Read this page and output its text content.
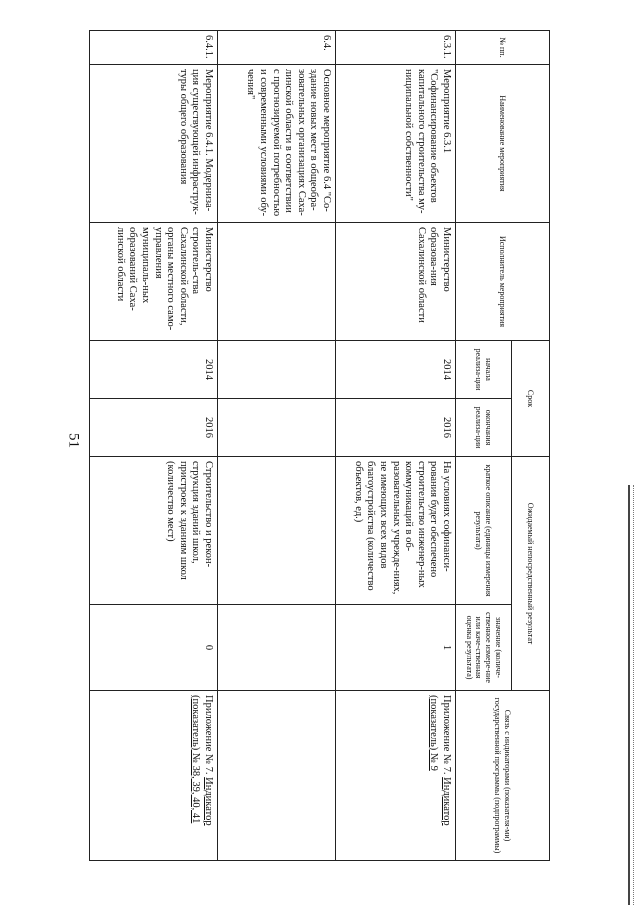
51
№ пп.	Наименование мероприятия	Исполнитель мероприятия	Срок		Ожидаемый непосредственный результат		Связь с индикаторами (показателя-ми) государственной программы (подпрограммы)
			начала реализа-ции	окончания реализа-ции	краткое описание (единицы измерения результата)	значение (количе-ственное измере-ние или каче-ственная оценка результата)	
6.3.1.	Мероприятие 6.3.1 "Софинансирование объектов капитального строительства му-ниципальной собственности"	Министерство образова-ния Сахалинской области	2014	2016	На условиях софинанси-рования будет обеспечено строительство инженер-ных коммуникаций в об-разовательных учрежде-ниях, не имеющих всех видов благоустройства (количество объектов, ед.)	1	Приложение № 7. Индикатор (показатель) № 9
6.4.	Основное мероприятие 6.4 "Со-здание новых мест в общеобра-зовательных организациях Саха-линской области в соответствии с прогнозируемой потребностью и современными условиями обу-чения"						
6.4.1.	Мероприятие 6.4.1. Модерниза-ция существующей инфраструк-туры общего образования	Министерство строитель-ства Сахалинской области, органы местного само-управления муниципаль-ных образований Саха-линской области	2014	2016	Строительство и рекон-струкция зданий школ, пристроек к зданиям школ (количество мест)	0	Приложение № 7. Индикатор (показатель) № 38, 39, 40, 41
